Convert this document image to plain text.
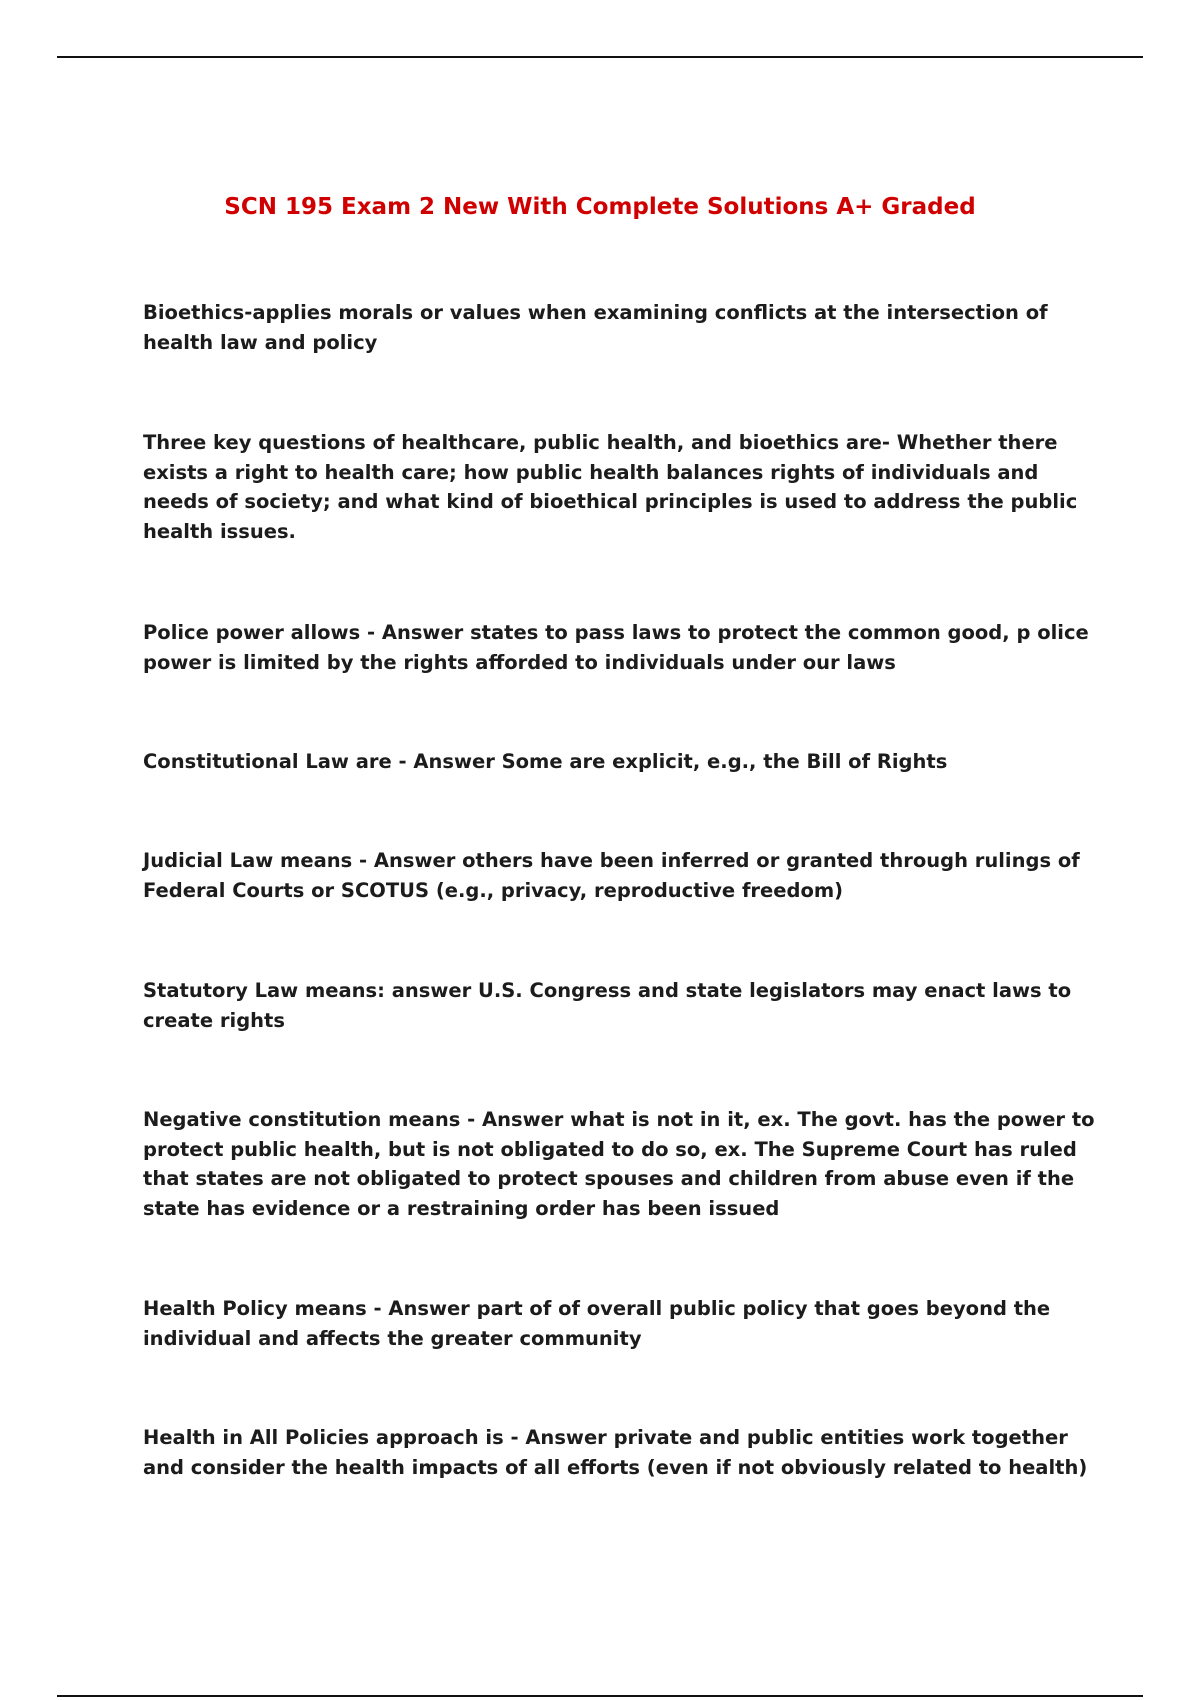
SCN 195 Exam 2 New With Complete Solutions A+ Graded

Bioethics-applies morals or values when examining conflicts at the intersection of health law and policy

Three key questions of healthcare, public health, and bioethics are- Whether there exists a right to health care; how public health balances rights of individuals and needs of society; and what kind of bioethical principles is used to address the public health issues.

Police power allows - Answer states to pass laws to protect the common good, p olice power is limited by the rights afforded to individuals under our laws

Constitutional Law are - Answer Some are explicit, e.g., the Bill of Rights

Judicial Law means - Answer others have been inferred or granted through rulings of Federal Courts or SCOTUS (e.g., privacy, reproductive freedom)

Statutory Law means: answer U.S. Congress and state legislators may enact laws to create rights

Negative constitution means - Answer what is not in it, ex. The govt. has the power to protect public health, but is not obligated to do so, ex. The Supreme Court has ruled that states are not obligated to protect spouses and children from abuse even if the state has evidence or a restraining order has been issued

Health Policy means - Answer part of of overall public policy that goes beyond the individual and affects the greater community

Health in All Policies approach is - Answer private and public entities work together and consider the health impacts of all efforts (even if not obviously related to health)
